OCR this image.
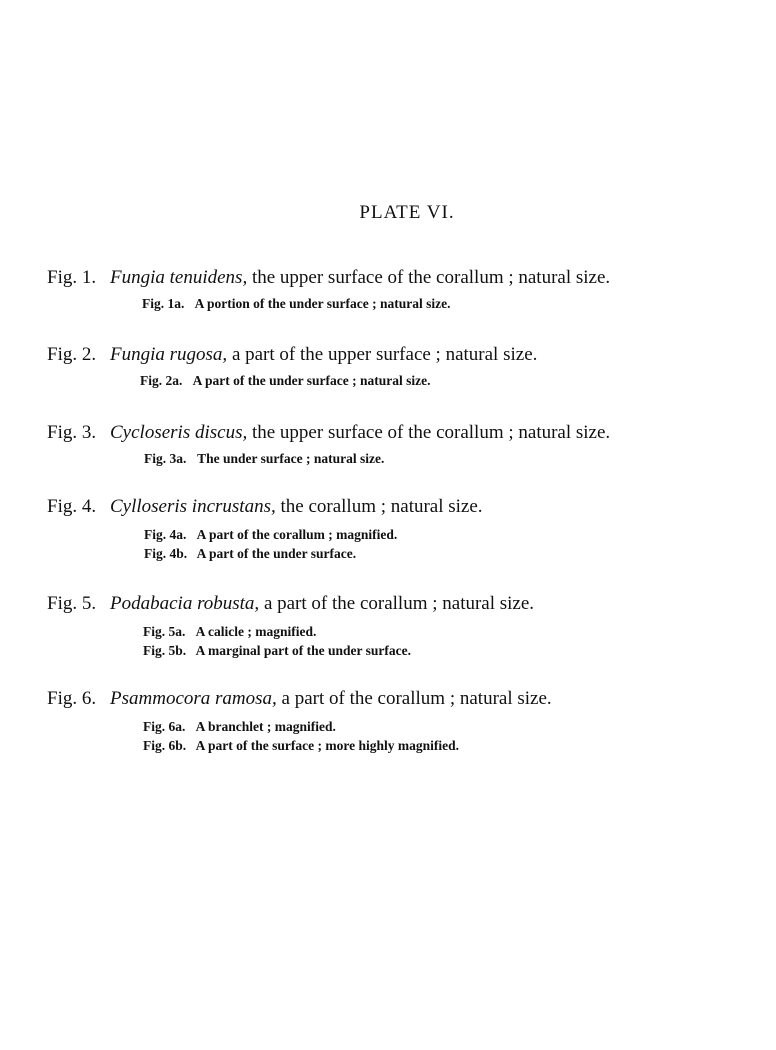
PLATE VI.
Fig. 1. Fungia tenuidens, the upper surface of the corallum ; natural size.
Fig. 1a. A portion of the under surface ; natural size.
Fig. 2. Fungia rugosa, a part of the upper surface ; natural size.
Fig. 2a. A part of the under surface ; natural size.
Fig. 3. Cycloseris discus, the upper surface of the corallum ; natural size.
Fig. 3a. The under surface ; natural size.
Fig. 4. Cylloseris incrustans, the corallum ; natural size.
Fig. 4a. A part of the corallum ; magnified.
Fig. 4b. A part of the under surface.
Fig. 5. Podabacia robusta, a part of the corallum ; natural size.
Fig. 5a. A calicle ; magnified.
Fig. 5b. A marginal part of the under surface.
Fig. 6. Psammocora ramosa, a part of the corallum ; natural size.
Fig. 6a. A branchlet ; magnified.
Fig. 6b. A part of the surface ; more highly magnified.
